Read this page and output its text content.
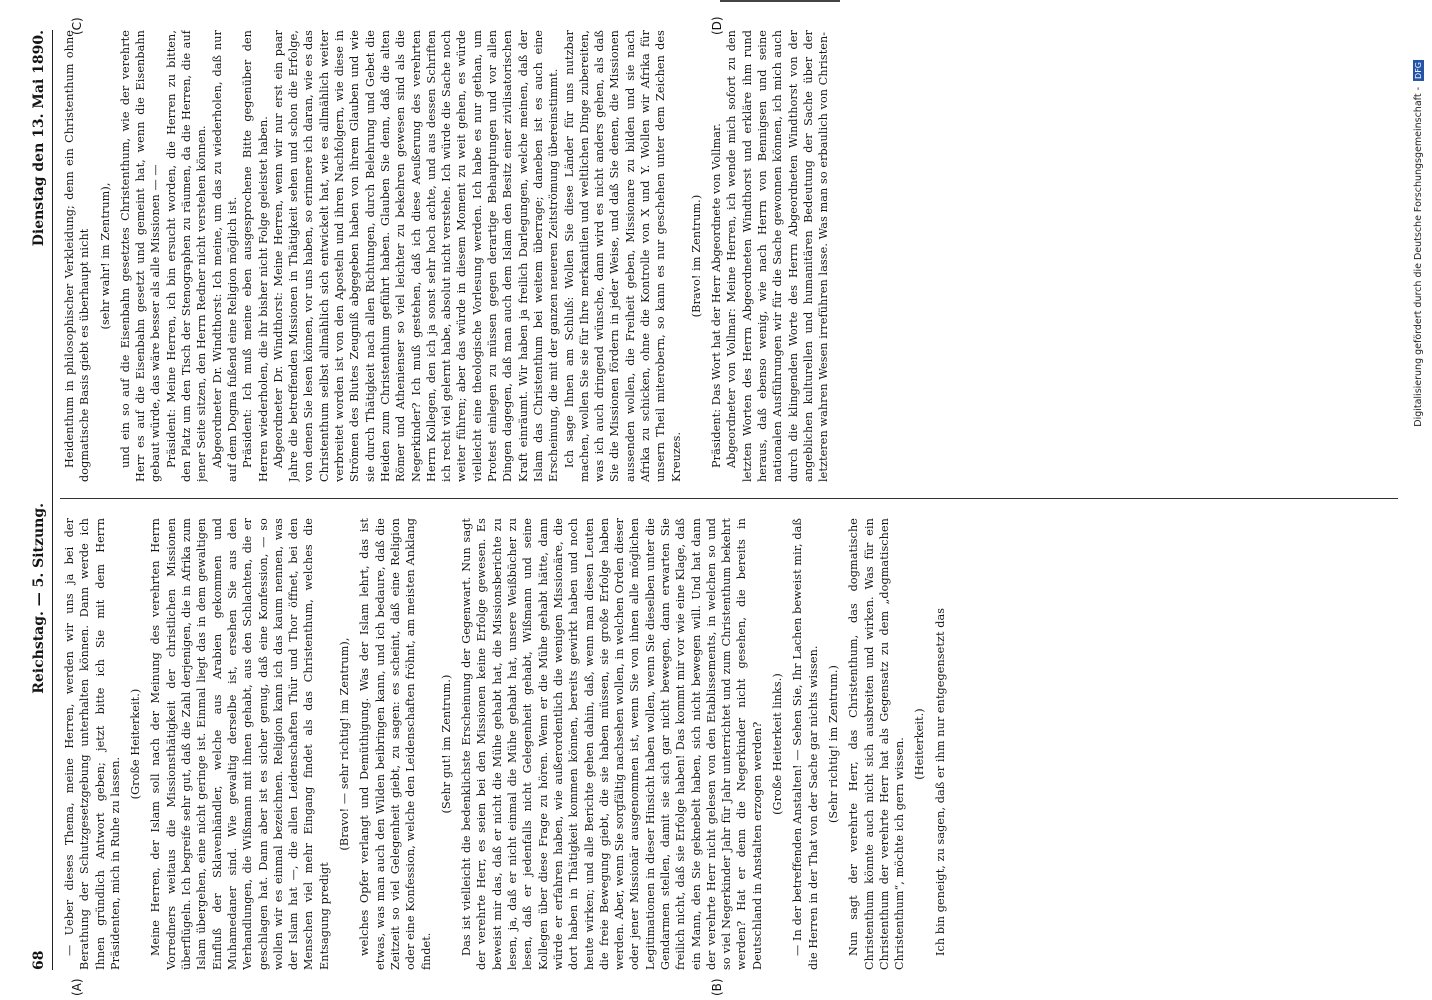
68
Reichstag. — 5. Sitzung.
Dienstag den 13. Mai 1890.
(A)	(B)
(C)	(D)

— Ueber dieses Thema, meine Herren, werden wir uns ja bei der Berathung der Schutzgesetzgebung unterhalten können. Dann werde ich Ihnen gründlich Antwort geben; jetzt bitte ich Sie mit dem Herrn Präsidenten, mich in Ruhe zu lassen.

(Große Heiterkeit.) Meine Herren, der Islam soll nach der Meinung des verehrten Herrn Vorredners weitaus die Missionsthätigkeit der christlichen Missionen überflügeln. Ich begreife sehr gut, daß die Zahl derjenigen, die in Afrika zum Islam übergehen, eine nicht geringe ist. Einmal liegt das in dem gewaltigen Einfluß der Sklavenhändler, welche aus Arabien gekommen und Muhamedaner sind. Wie gewaltig derselbe ist, ersehen Sie aus den Verhandlungen, die Wißmann mit ihnen gehabt, aus den Schlachten, die er geschlagen hat. Dann aber ist es sicher genug, daß eine Konfession, — so wollen wir es einmal bezeichnen. Religion kann ich das kaum nennen, was der Islam hat —, die allen Leidenschaften Thür und Thor öffnet, bei den Menschen viel mehr Eingang findet als das Christenthum, welches die Entsagung predigt

(Bravo! — sehr richtig! im Zentrum), welches Opfer verlangt und Demüthigung. Was der Islam lehrt, das ist etwas, was man auch den Wilden beibringen kann, und ich bedaure, daß die Zeitzeit so viel Gelegenheit giebt, zu sagen: es scheint, daß eine Religion oder eine Konfession, welche den Leidenschaften fröhnt, am meisten Anklang findet.

(Sehr gut! im Zentrum.) Das ist vielleicht die bedenklichste Erscheinung der Gegenwart. Nun sagt der verehrte Herr, es seien bei den Missionen keine Erfolge gewesen. Es beweist mir das, daß er nicht die Mühe gehabt hat, die Missionsberichte zu lesen, ja, daß er nicht einmal die Mühe gehabt hat, unsere Weißbücher zu lesen, daß er jedenfalls nicht Gelegenheit gehabt, Wißmann und seine Kollegen über diese Frage zu hören. Wenn er die Mühe gehabt hätte, dann würde er erfahren haben, wie außerordentlich die wenigen Missionäre, die dort haben in Thätigkeit kommen können, bereits gewirkt haben und noch heute wirken; und alle Berichte gehen dahin, daß, wenn man diesen Leuten die freie Bewegung giebt, die sie haben müssen, sie große Erfolge haben werden. Aber, wenn Sie sorgfältig nachsehen wollen, in welchen Orden dieser oder jener Missionär ausgenommen ist, wenn Sie von ihnen alle möglichen Legitimationen in dieser Hinsicht haben wollen, wenn Sie dieselben unter die Gendarmen stellen, damit sie sich gar nicht bewegen, dann erwarten Sie freilich nicht, daß sie Erfolge haben! Das kommt mir vor wie eine Klage, daß ein Mann, den Sie geknebelt haben, sich nicht bewegen will. Und hat dann der verehrte Herr nicht gelesen von den Etablissements, in welchen so und so viel Negerkinder Jahr für Jahr unterrichtet und zum Christenthum bekehrt werden? Hat er denn die Negerkinder nicht gesehen, die bereits in Deutschland in Anstalten erzogen werden? (Große Heiterkeit links.) — In der betreffenden Anstalten! — Sehen Sie, Ihr Lachen beweist mir, daß die Herren in der That von der Sache gar nichts wissen. (Sehr richtig! im Zentrum.) Nun sagt der verehrte Herr, das Christenthum, das dogmatische Christenthum könnte auch nicht sich ausbreiten und wirken. Was für ein Christenthum der verehrte Herr hat als Gegensatz zu dem „dogmatischen Christenthum“, möchte ich gern wissen. (Heiterkeit.) Ich bin geneigt, zu sagen, daß er ihm nur entgegensetzt das

Heidenthum in philosophischer Verkleidung; denn ein Christenthum ohne dogmatische Basis giebt es überhaupt nicht (sehr wahr! im Zentrum), und ein so auf die Eisenbahn gesetztes Christenthum, wie der verehrte Herr es auf die Eisenbahn gesetzt und gemeint hat, wenn die Eisenbahn gebaut würde, das wäre besser als alle Missionen — — Präsident: Meine Herren, ich bin ersucht worden, die Herren zu bitten, den Platz um den Tisch der Stenographen zu räumen, da die Herren, die auf jener Seite sitzen, den Herrn Redner nicht verstehen können. Abgeordneter Dr. Windthorst: Ich meine, um das zu wiederholen, daß nur auf dem Dogma fußend eine Religion möglich ist. Präsident: Ich muß meine eben ausgesprochene Bitte gegenüber den Herren wiederholen, die ihr bisher nicht Folge geleistet haben. Abgeordneter Dr. Windthorst: Meine Herren, wenn wir nur erst ein paar Jahre die betreffenden Missionen in Thätigkeit sehen und schon die Erfolge, von denen Sie lesen können, vor uns haben, so erinnere ich daran, wie es das Christenthum selbst allmählich sich entwickelt hat, wie es allmählich weiter verbreitet worden ist von den Aposteln und ihren Nachfolgern, wie diese in Strömen des Blutes Zeugniß abgegeben haben von ihrem Glauben und wie sie durch Thätigkeit nach allen Richtungen, durch Belehrung und Gebet die Heiden zum Christenthum geführt haben. Glauben Sie denn, daß die alten Römer und Athenienser so viel leichter zu bekehren gewesen sind als die Negerkinder? Ich muß gestehen, daß ich diese Aeußerung des verehrten Herrn Kollegen, den ich ja sonst sehr hoch achte, und aus dessen Schriften ich recht viel gelernt habe, absolut nicht verstehe. Ich würde die Sache noch weiter führen; aber das würde in diesem Moment zu weit gehen, es würde vielleicht eine theologische Vorlesung werden. Ich habe es nur gethan, um Protest einlegen zu müssen gegen derartige Behauptungen und vor allen Dingen dagegen, daß man auch dem Islam den Besitz einer zivilisatorischen Kraft einräumt. Wir haben ja freilich Darlegungen, welche meinen, daß der Islam das Christenthum bei weitem überrage; daneben ist es auch eine Erscheinung, die mit der ganzen neueren Zeitströmung übereinstimmt. Ich sage Ihnen am Schluß: Wollen Sie diese Länder für uns nutzbar machen, wollen Sie sie für Ihre merkantilen und weltlichen Dinge zubereiten, was ich auch dringend wünsche, dann wird es nicht anders gehen, als daß Sie die Missionen fördern in jeder Weise, und daß Sie denen, die Missionen aussenden wollen, die Freiheit geben, Missionare zu bilden und sie nach Afrika zu schicken, ohne die Kontrolle von X und Y. Wollen wir Afrika für unsern Theil miterobern, so kann es nur geschehen unter dem Zeichen des Kreuzes.

(Bravo! im Zentrum.) Präsident: Das Wort hat der Herr Abgeordnete von Vollmar. Abgeordneter von Vollmar: Meine Herren, ich wende mich sofort zu den letzten Worten des Herrn Abgeordneten Windthorst und erkläre ihm rund heraus, daß ebenso wenig, wie nach Herrn von Bennigsen und seine nationalen Ausführungen wir für die Sache gewonnen können, ich mich auch durch die klingenden Worte des Herrn Abgeordneten Windthorst von der angeblichen kulturellen und humanitären Bedeutung der Sache über der letzteren wahren Wesen irreführen lasse. Was man so erbaulich von Christen-	DFG
Digitalisierung gefördert durch die Deutsche Forschungsgemeinschaft -
